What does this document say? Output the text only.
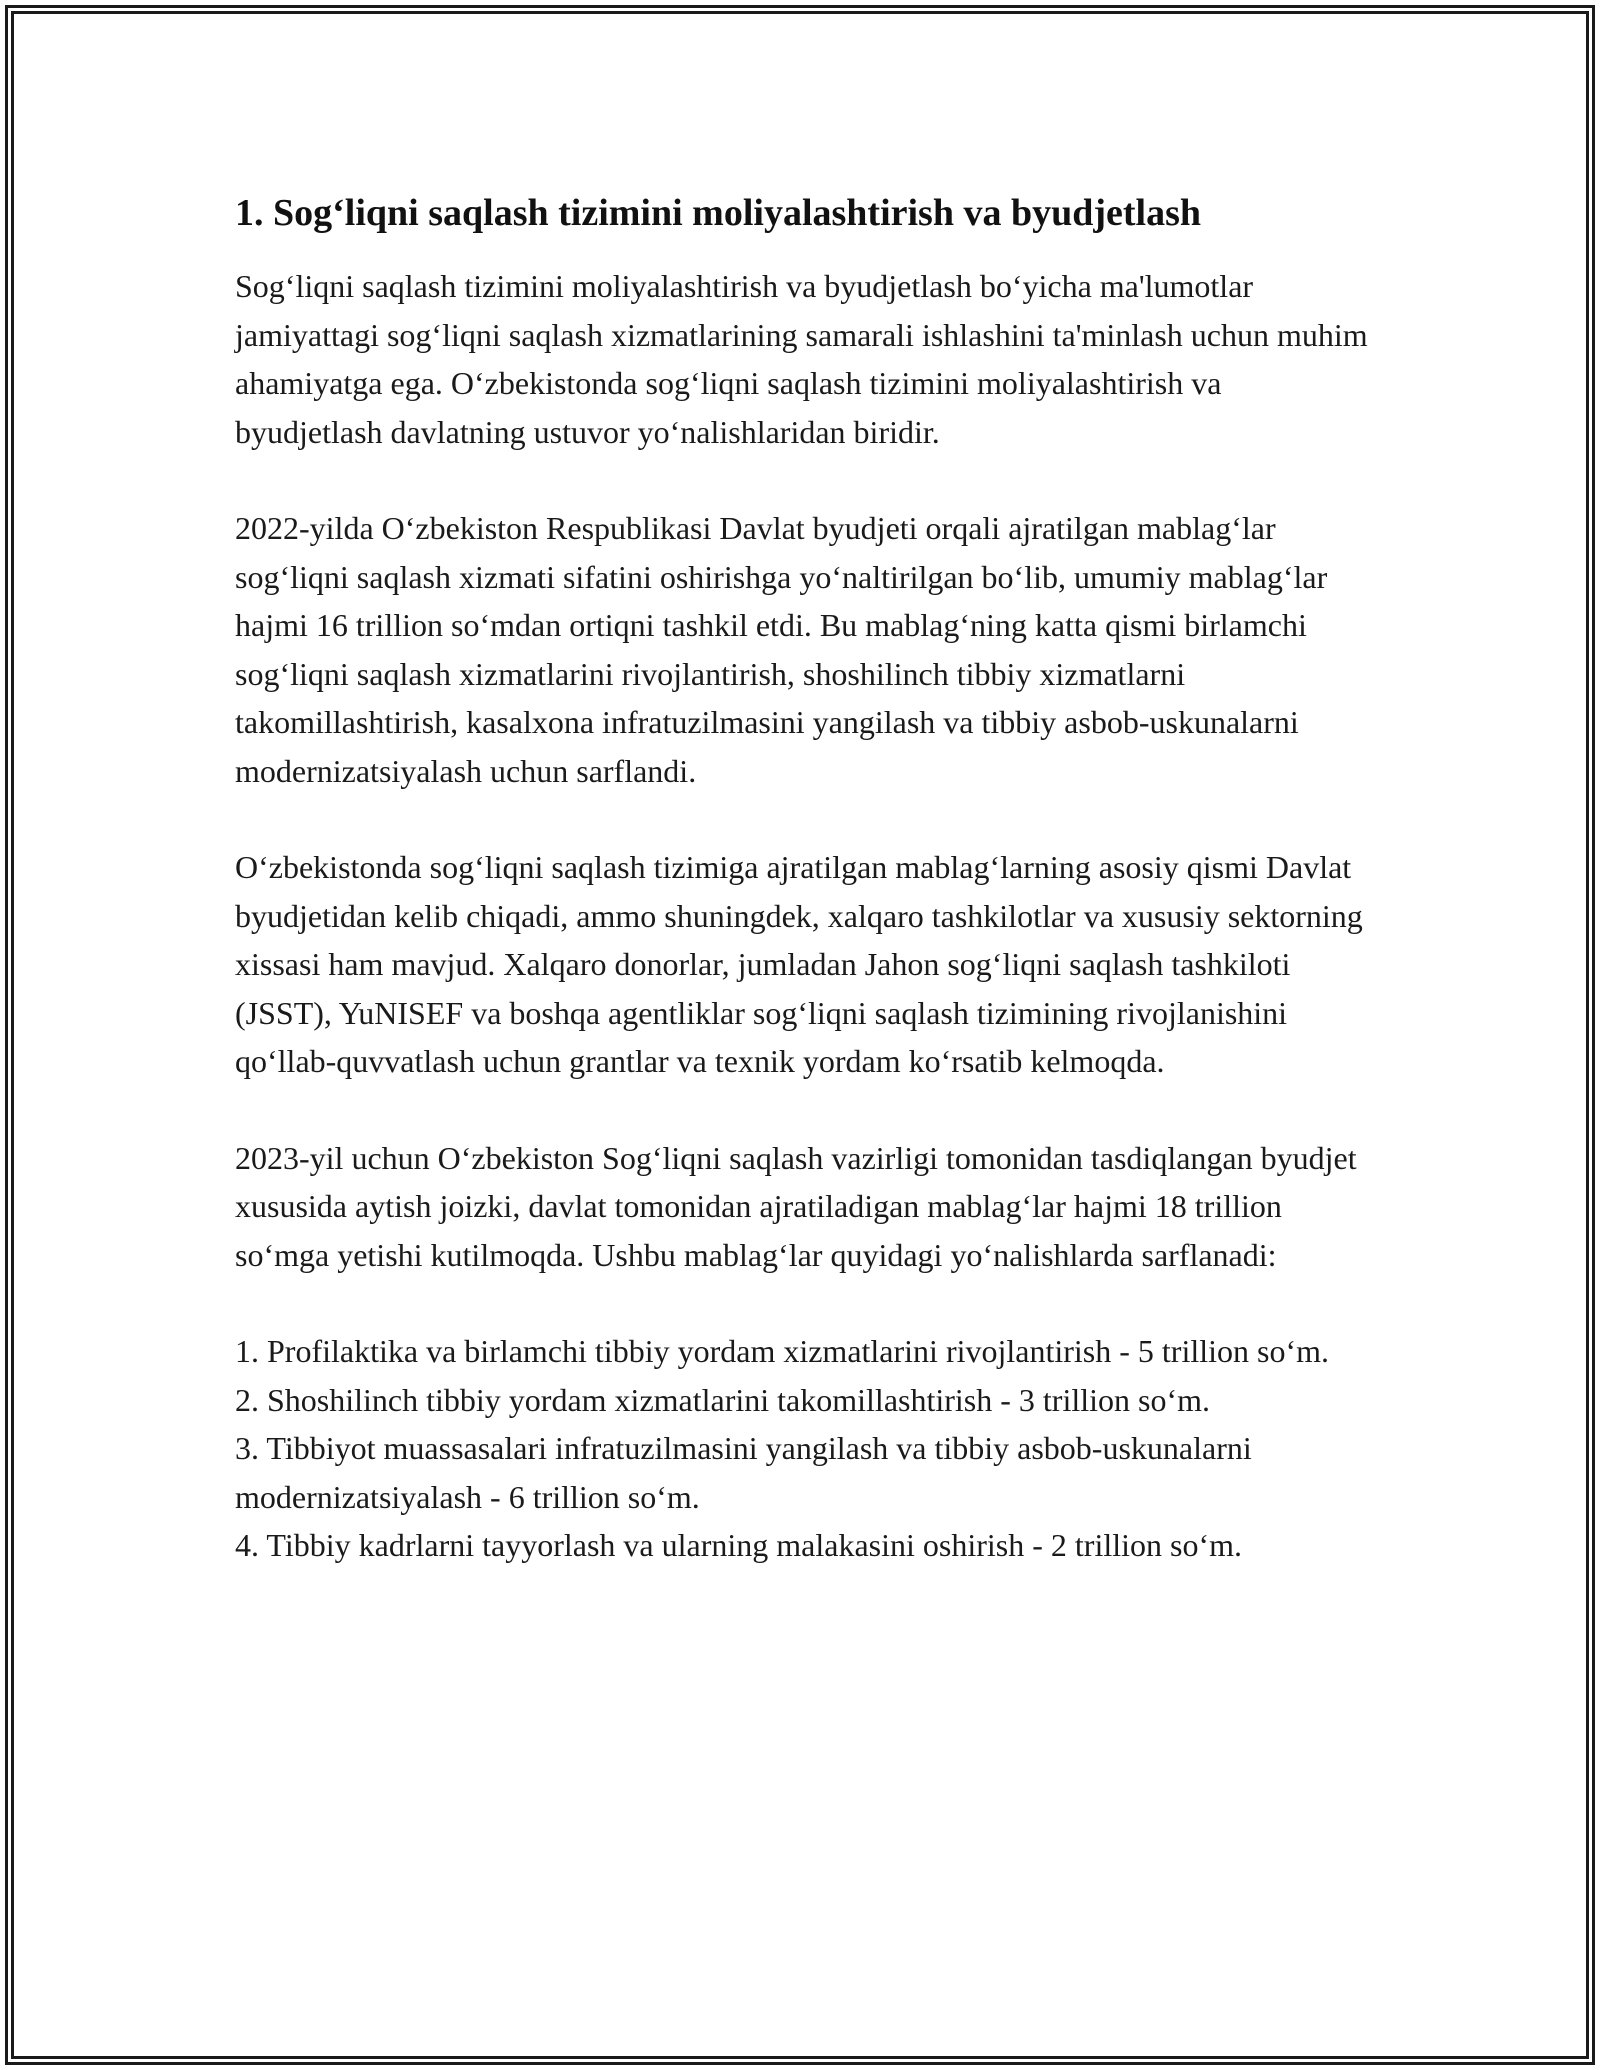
1. Sog‘liqni saqlash tizimini moliyalashtirish va byudjetlash

Sog‘liqni saqlash tizimini moliyalashtirish va byudjetlash bo‘yicha ma'lumotlar jamiyattagi sog‘liqni saqlash xizmatlarining samarali ishlashini ta'minlash uchun muhim ahamiyatga ega. O‘zbekistonda sog‘liqni saqlash tizimini moliyalashtirish va byudjetlash davlatning ustuvor yo‘nalishlaridan biridir.

2022-yilda O‘zbekiston Respublikasi Davlat byudjeti orqali ajratilgan mablag‘lar sog‘liqni saqlash xizmati sifatini oshirishga yo‘naltirilgan bo‘lib, umumiy mablag‘lar hajmi 16 trillion so‘mdan ortiqni tashkil etdi. Bu mablag‘ning katta qismi birlamchi sog‘liqni saqlash xizmatlarini rivojlantirish, shoshilinch tibbiy xizmatlarni takomillashtirish, kasalxona infratuzilmasini yangilash va tibbiy asbob-uskunalarni modernizatsiyalash uchun sarflandi.

O‘zbekistonda sog‘liqni saqlash tizimiga ajratilgan mablag‘larning asosiy qismi Davlat byudjetidan kelib chiqadi, ammo shuningdek, xalqaro tashkilotlar va xususiy sektorning xissasi ham mavjud. Xalqaro donorlar, jumladan Jahon sog‘liqni saqlash tashkiloti (JSST), YuNISEF va boshqa agentliklar sog‘liqni saqlash tizimining rivojlanishini qo‘llab-quvvatlash uchun grantlar va texnik yordam ko‘rsatib kelmoqda.

2023-yil uchun O‘zbekiston Sog‘liqni saqlash vazirligi tomonidan tasdiqlangan byudjet xususida aytish joizki, davlat tomonidan ajratiladigan mablag‘lar hajmi 18 trillion so‘mga yetishi kutilmoqda. Ushbu mablag‘lar quyidagi yo‘nalishlarda sarflanadi:

1. Profilaktika va birlamchi tibbiy yordam xizmatlarini rivojlantirish - 5 trillion so‘m.
2. Shoshilinch tibbiy yordam xizmatlarini takomillashtirish - 3 trillion so‘m.
3. Tibbiyot muassasalari infratuzilmasini yangilash va tibbiy asbob-uskunalarni modernizatsiyalash - 6 trillion so‘m.
4. Tibbiy kadrlarni tayyorlash va ularning malakasini oshirish - 2 trillion so‘m.
